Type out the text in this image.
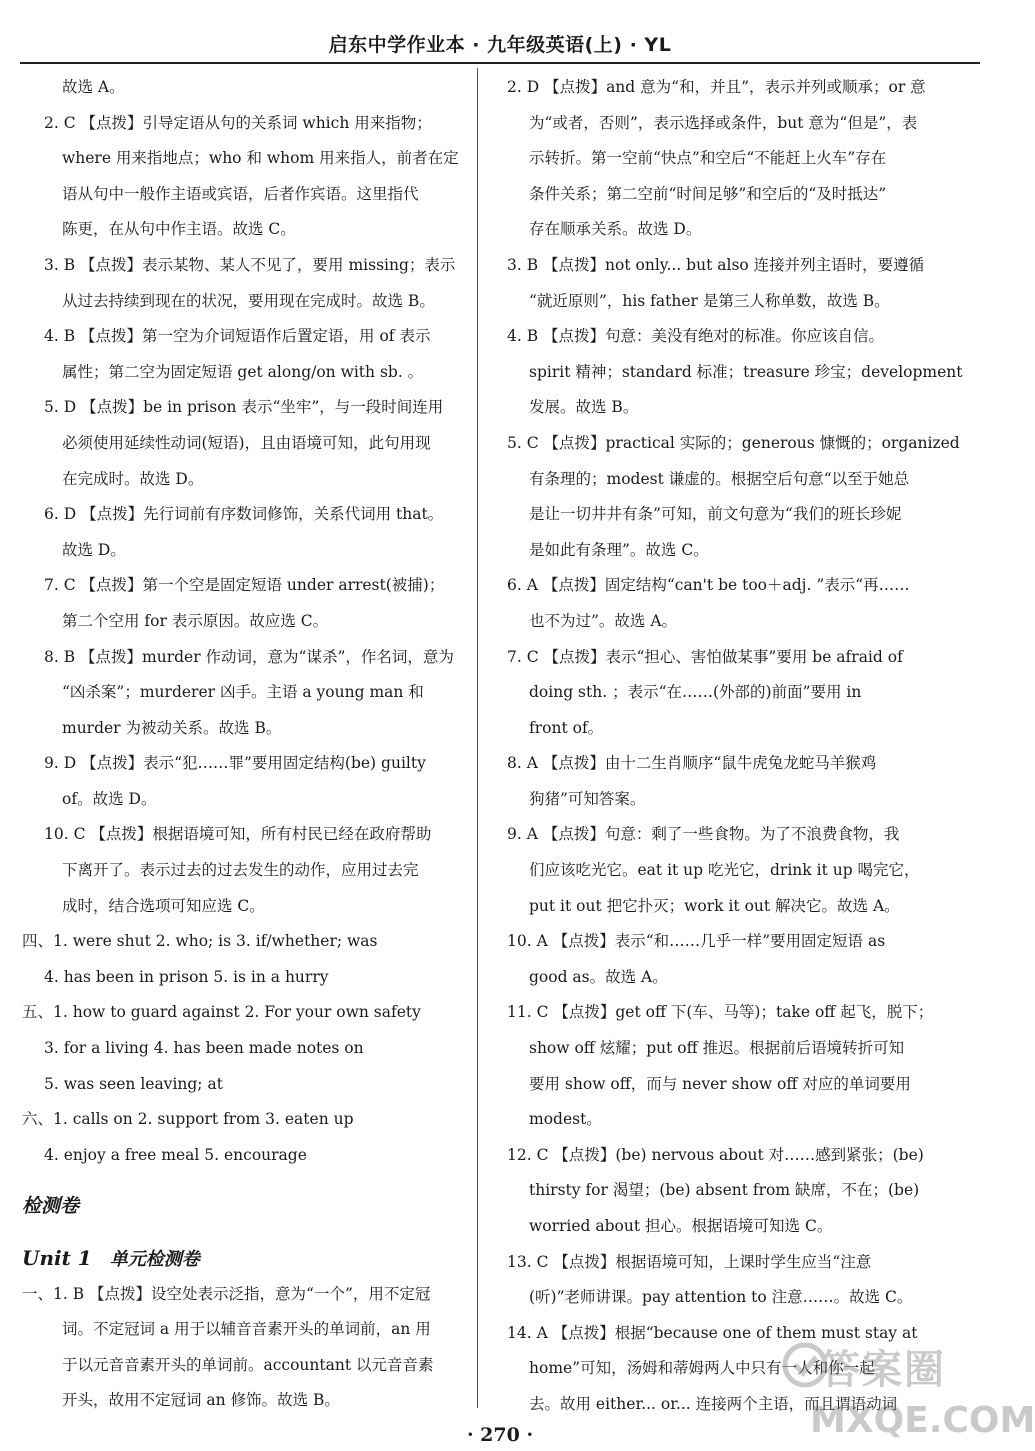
启东中学作业本 · 九年级英语(上) · YL
故选 A。
2. C 【点拨】引导定语从句的关系词 which 用来指物；
where 用来指地点；who 和 whom 用来指人，前者在定
语从句中一般作主语或宾语，后者作宾语。这里指代
陈更，在从句中作主语。故选 C。
3. B 【点拨】表示某物、某人不见了，要用 missing；表示
从过去持续到现在的状况，要用现在完成时。故选 B。
4. B 【点拨】第一空为介词短语作后置定语，用 of 表示
属性；第二空为固定短语 get along/on with sb. 。
5. D 【点拨】be in prison 表示“坐牢”，与一段时间连用
必须使用延续性动词(短语)，且由语境可知，此句用现
在完成时。故选 D。
6. D 【点拨】先行词前有序数词修饰，关系代词用 that。
故选 D。
7. C 【点拨】第一个空是固定短语 under arrest(被捕)；
第二个空用 for 表示原因。故应选 C。
8. B 【点拨】murder 作动词，意为“谋杀”，作名词，意为
“凶杀案”；murderer 凶手。主语 a young man 和
murder 为被动关系。故选 B。
9. D 【点拨】表示“犯……罪”要用固定结构(be) guilty
of。故选 D。
10. C 【点拨】根据语境可知，所有村民已经在政府帮助
下离开了。表示过去的过去发生的动作，应用过去完
成时，结合选项可知应选 C。
四、1. were shut 2. who; is 3. if/whether; was
4. has been in prison 5. is in a hurry
五、1. how to guard against 2. For your own safety
3. for a living 4. has been made notes on
5. was seen leaving; at
六、1. calls on 2. support from 3. eaten up
4. enjoy a free meal 5. encourage
检测卷
Unit 1 单元检测卷
一、1. B 【点拨】设空处表示泛指，意为“一个”，用不定冠
词。不定冠词 a 用于以辅音音素开头的单词前，an 用
于以元音音素开头的单词前。accountant 以元音音素
开头，故用不定冠词 an 修饰。故选 B。
2. D 【点拨】and 意为“和，并且”，表示并列或顺承；or 意
为“或者，否则”，表示选择或条件，but 意为“但是”，表
示转折。第一空前“快点”和空后“不能赶上火车”存在
条件关系；第二空前“时间足够”和空后的“及时抵达”
存在顺承关系。故选 D。
3. B 【点拨】not only... but also 连接并列主语时，要遵循
“就近原则”，his father 是第三人称单数，故选 B。
4. B 【点拨】句意：美没有绝对的标准。你应该自信。
spirit 精神；standard 标准；treasure 珍宝；development
发展。故选 B。
5. C 【点拨】practical 实际的；generous 慷慨的；organized
有条理的；modest 谦虚的。根据空后句意“以至于她总
是让一切井井有条”可知，前文句意为“我们的班长珍妮
是如此有条理”。故选 C。
6. A 【点拨】固定结构“can't be too＋adj. ”表示“再……
也不为过”。故选 A。
7. C 【点拨】表示“担心、害怕做某事”要用 be afraid of
doing sth. ；表示“在……(外部的)前面”要用 in
front of。
8. A 【点拨】由十二生肖顺序“鼠牛虎兔龙蛇马羊猴鸡
狗猪”可知答案。
9. A 【点拨】句意：剩了一些食物。为了不浪费食物，我
们应该吃光它。eat it up 吃光它，drink it up 喝完它，
put it out 把它扑灭；work it out 解决它。故选 A。
10. A 【点拨】表示“和……几乎一样”要用固定短语 as
good as。故选 A。
11. C 【点拨】get off 下(车、马等)；take off 起飞，脱下；
show off 炫耀；put off 推迟。根据前后语境转折可知
要用 show off，而与 never show off 对应的单词要用
modest。
12. C 【点拨】(be) nervous about 对……感到紧张；(be)
thirsty for 渴望；(be) absent from 缺席，不在；(be)
worried about 担心。根据语境可知选 C。
13. C 【点拨】根据语境可知，上课时学生应当“注意
(听)”老师讲课。pay attention to 注意……。故选 C。
14. A 【点拨】根据“because one of them must stay at
home”可知，汤姆和蒂姆两人中只有一人和你一起
去。故用 either... or... 连接两个主语，而且谓语动词
· 270 ·
答案圈
MXQE.COM
